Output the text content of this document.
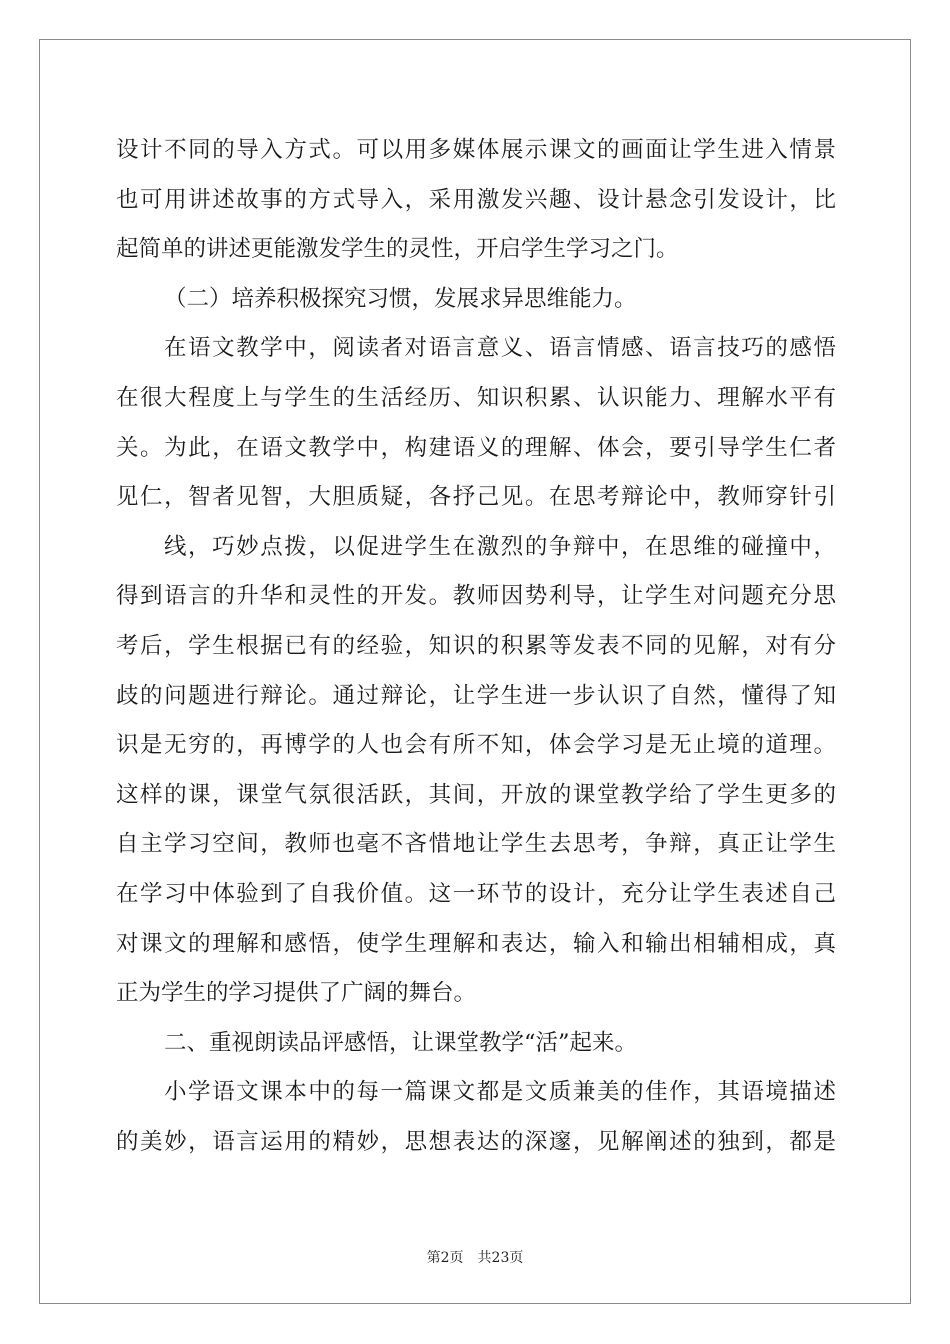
设计不同的导入方式。可以用多媒体展示课文的画面让学生进入情景
也可用讲述故事的方式导入，采用激发兴趣、设计悬念引发设计，比
起简单的讲述更能激发学生的灵性，开启学生学习之门。
（二）培养积极探究习惯，发展求异思维能力。
在语文教学中，阅读者对语言意义、语言情感、语言技巧的感悟
在很大程度上与学生的生活经历、知识积累、认识能力、理解水平有
关。为此，在语文教学中，构建语义的理解、体会，要引导学生仁者
见仁，智者见智，大胆质疑，各抒己见。在思考辩论中，教师穿针引
线，巧妙点拨，以促进学生在激烈的争辩中，在思维的碰撞中，
得到语言的升华和灵性的开发。教师因势利导，让学生对问题充分思
考后，学生根据已有的经验，知识的积累等发表不同的见解，对有分
歧的问题进行辩论。通过辩论，让学生进一步认识了自然，懂得了知
识是无穷的，再博学的人也会有所不知，体会学习是无止境的道理。
这样的课，课堂气氛很活跃，其间，开放的课堂教学给了学生更多的
自主学习空间，教师也毫不吝惜地让学生去思考，争辩，真正让学生
在学习中体验到了自我价值。这一环节的设计，充分让学生表述自己
对课文的理解和感悟，使学生理解和表达，输入和输出相辅相成，真
正为学生的学习提供了广阔的舞台。
二、重视朗读品评感悟，让课堂教学“活”起来。
小学语文课本中的每一篇课文都是文质兼美的佳作，其语境描述
的美妙，语言运用的精妙，思想表达的深邃，见解阐述的独到，都是
第2页 共23页
